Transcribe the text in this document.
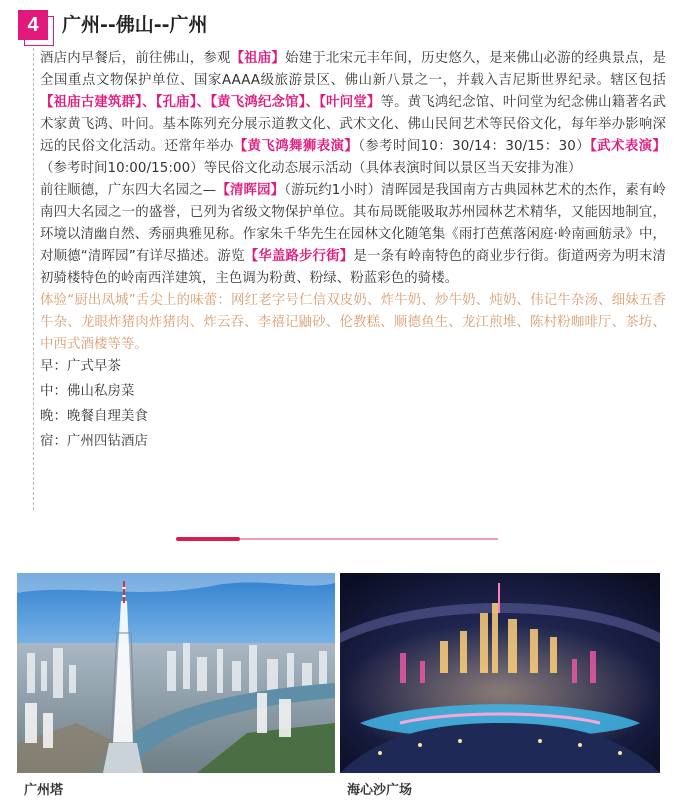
4	广州--佛山--广州

酒店内早餐后，前往佛山，参观【祖庙】始建于北宋元丰年间，历史悠久，是来佛山必游的经典景点，是全国重点文物保护单位、国家AAAA级旅游景区、佛山新八景之一，并载入吉尼斯世界纪录。辖区包括【祖庙古建筑群】、【孔庙】、【黄飞鸿纪念馆】、【叶问堂】等。黄飞鸿纪念馆、叶问堂为纪念佛山籍著名武术家黄飞鸿、叶问。基本陈列充分展示道教文化、武术文化、佛山民间艺术等民俗文化，每年举办影响深远的民俗文化活动。还常年举办【黄飞鸿舞狮表演】（参考时间10：30/14：30/15：30）【武术表演】（参考时间10:00/15:00）等民俗文化动态展示活动（具体表演时间以景区当天安排为准）

前往顺德，广东四大名园之—【清晖园】（游玩约1小时）清晖园是我国南方古典园林艺术的杰作，素有岭南四大名园之一的盛誉，已列为省级文物保护单位。其布局既能吸取苏州园林艺术精华，又能因地制宜，环境以清幽自然、秀丽典雅见称。作家朱千华先生在园林文化随笔集《雨打芭蕉落闲庭·岭南画舫录》中，对顺德“清晖园”有详尽描述。游览【华盖路步行街】是一条有岭南特色的商业步行街。街道两旁为明末清初骑楼特色的岭南西洋建筑，主色调为粉黄、粉绿、粉蓝彩色的骑楼。

体验“厨出凤城”舌尖上的味蕾：网红老字号仁信双皮奶、炸牛奶、炒牛奶、炖奶、伟记牛杂汤、细妹五香牛杂、龙眼炸猪肉炸猪肉、炸云吞、李禧记鼬砂、伦教糕、顺德鱼生、龙江煎堆、陈村粉咖啡厅、茶坊、中西式酒楼等等。

早：广式早茶

中：佛山私房菜

晚：晚餐自理美食

宿：广州四钻酒店

广州塔	海心沙广场
